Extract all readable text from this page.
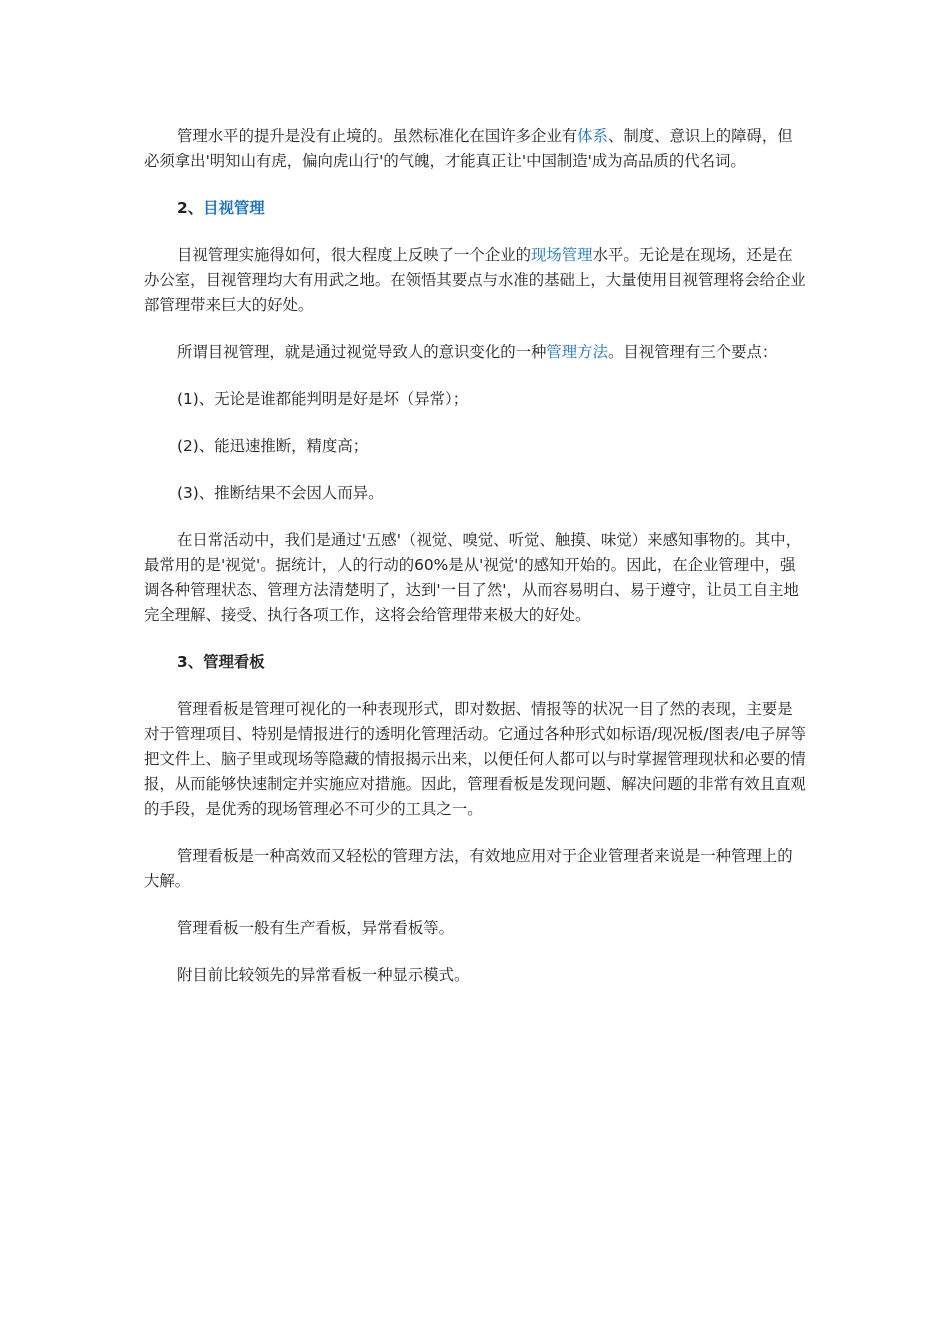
管理水平的提升是没有止境的。虽然标准化在国许多企业有体系、制度、意识上的障碍，但必须拿出'明知山有虎，偏向虎山行'的气魄，才能真正让'中国制造'成为高品质的代名词。

2、目视管理

目视管理实施得如何，很大程度上反映了一个企业的现场管理水平。无论是在现场，还是在办公室，目视管理均大有用武之地。在领悟其要点与水准的基础上，大量使用目视管理将会给企业部管理带来巨大的好处。

所谓目视管理，就是通过视觉导致人的意识变化的一种管理方法。目视管理有三个要点：

(1)、无论是谁都能判明是好是坏（异常）；

(2)、能迅速推断，精度高；

(3)、推断结果不会因人而异。

在日常活动中，我们是通过'五感'（视觉、嗅觉、听觉、触摸、味觉）来感知事物的。其中，最常用的是'视觉'。据统计，人的行动的60%是从'视觉'的感知开始的。因此，在企业管理中，强调各种管理状态、管理方法清楚明了，达到'一目了然'，从而容易明白、易于遵守，让员工自主地完全理解、接受、执行各项工作，这将会给管理带来极大的好处。

3、管理看板

管理看板是管理可视化的一种表现形式，即对数据、情报等的状况一目了然的表现，主要是对于管理项目、特别是情报进行的透明化管理活动。它通过各种形式如标语/现况板/图表/电子屏等把文件上、脑子里或现场等隐藏的情报揭示出来，以便任何人都可以与时掌握管理现状和必要的情报，从而能够快速制定并实施应对措施。因此，管理看板是发现问题、解决问题的非常有效且直观的手段，是优秀的现场管理必不可少的工具之一。

管理看板是一种高效而又轻松的管理方法，有效地应用对于企业管理者来说是一种管理上的大解。

管理看板一般有生产看板，异常看板等。

附目前比较领先的异常看板一种显示模式。
